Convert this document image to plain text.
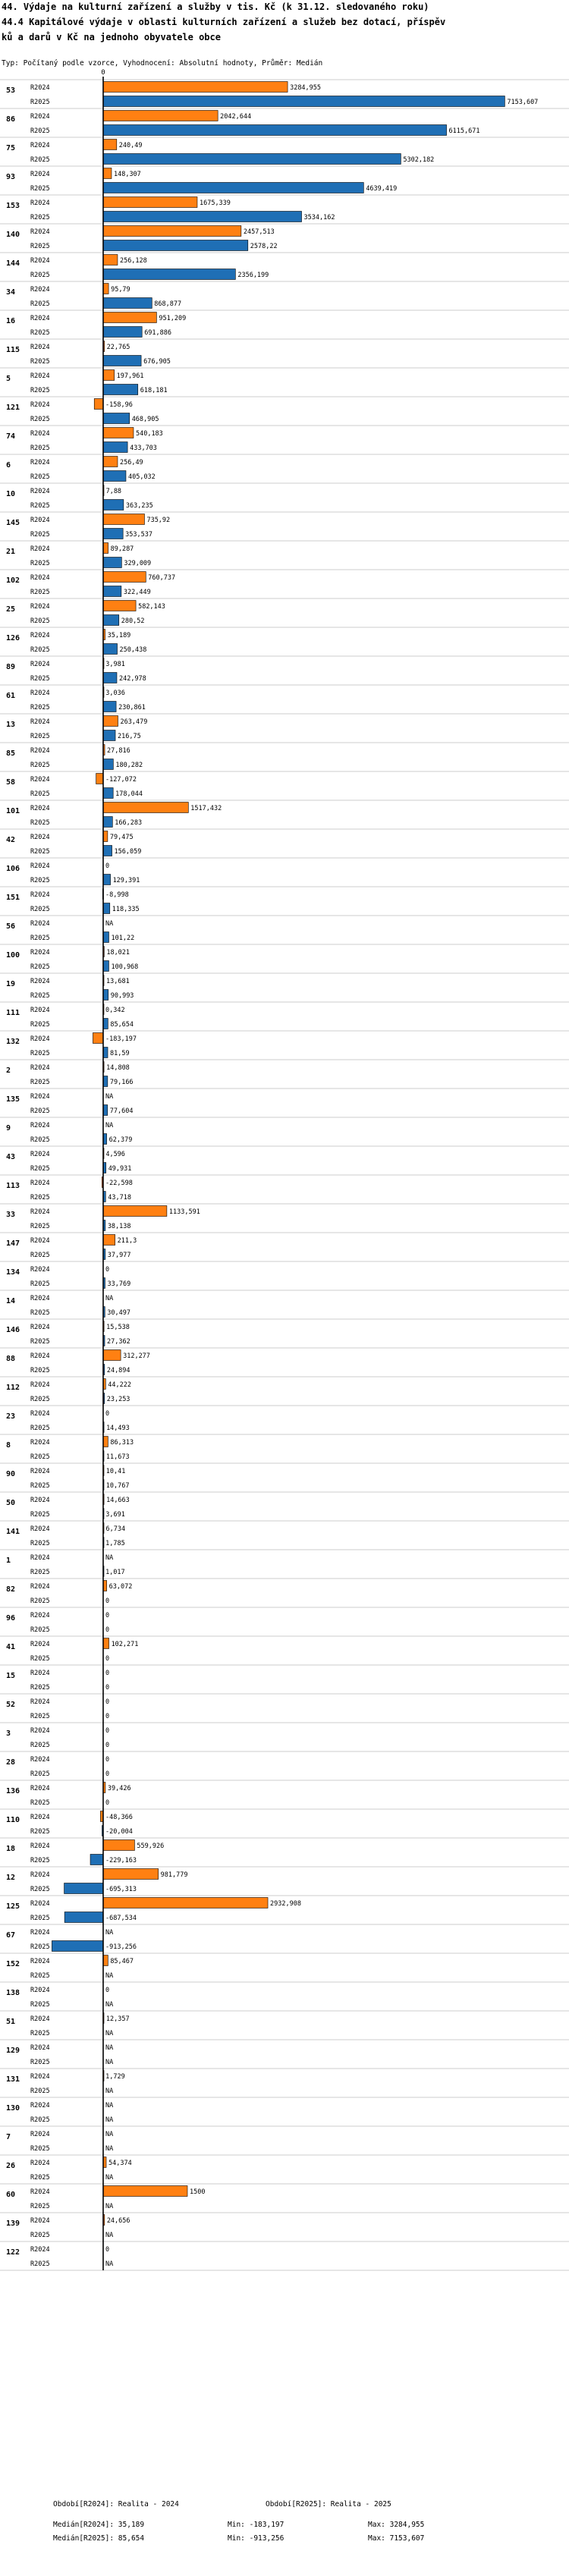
44. Výdaje na kulturní zařízení a služby v tis. Kč (k 31.12. sledovaného roku)
44.4 Kapitálové výdaje v oblasti kulturních zařízení a služeb bez dotací, příspěv
ků a darů v Kč na jednoho obyvatele obce
Typ: Počítaný podle vzorce, Vyhodnocení: Absolutní hodnoty, Průměr: Medián
0
53 R2024	3284,955
R2025	7153,607
86 R2024	2042,644
R2025	6115,671
75 R2024	240,49
R2025	5302,182
93 R2024	148,307
R2025	4639,419
153 R2024	1675,339
R2025	3534,162
140 R2024	2457,513
R2025	2578,22
144 R2024	256,128
R2025	2356,199
34 R2024	95,79
R2025	868,877
16 R2024	951,209
R2025	691,886
115 R2024	22,765
R2025	676,905
5	R2024	197,961
R2025	618,181
121 R2024	-158,96
R2025	468,905
74 R2024	540,183
R2025	433,703
6	R2024	256,49
R2025	405,032
10 R2024	7,88
R2025	363,235
145 R2024	735,92
R2025	353,537
21 R2024	89,287
R2025	329,009
102 R2024	760,737
R2025	322,449
25 R2024	582,143
R2025	280,52
126 R2024	35,189
R2025	250,438
89 R2024	3,981
R2025	242,978
61 R2024	3,036
R2025	230,861
13 R2024	263,479
R2025	216,75
85 R2024	27,816
R2025	180,282
58 R2024	-127,072
R2025	178,044
101 R2024	1517,432
R2025	166,283
42 R2024	79,475
R2025	156,059
106 R2024	0
R2025	129,391
151 R2024	-8,998
R2025	118,335
56 R2024	NA
R2025	101,22
100 R2024	18,021
R2025	100,968
19 R2024	13,681
R2025	90,993
111 R2024	0,342
R2025	85,654
132 R2024	-183,197
R2025	81,59
2	R2024	14,808
R2025	79,166
135 R2024	NA
R2025	77,604
9	R2024	NA
R2025	62,379
43 R2024	4,596
R2025	49,931
113 R2024	-22,598
R2025	43,718
33 R2024	1133,591
R2025	38,138
147 R2024	211,3
R2025	37,977
134 R2024	0
R2025	33,769
14 R2024	NA
R2025	30,497
146 R2024	15,538
R2025	27,362
88 R2024	312,277
R2025	24,894
112 R2024	44,222
R2025	23,253
23 R2024	0
R2025	14,493
8	R2024	86,313
R2025	11,673
90 R2024	10,41
R2025	10,767
50 R2024	14,663
R2025	3,691
141 R2024	6,734
R2025	1,785
1	R2024	NA
R2025	1,017
82 R2024	63,072
R2025	0
96 R2024	0
R2025	0
41 R2024	102,271
R2025	0
15 R2024	0
R2025	0
52 R2024	0
R2025	0
3	R2024	0
R2025	0
28 R2024	0
R2025	0
136 R2024	39,426
R2025	0
110 R2024	-48,366
R2025	-20,004
18 R2024	559,926
R2025	-229,163
12 R2024	981,779
R2025	-695,313
125 R2024	2932,908
R2025	-687,534
67 R2024	NA
R2025	-913,256
152 R2024	85,467
R2025	NA
138 R2024	0
R2025	NA
51 R2024	12,357
R2025	NA
129 R2024	NA
R2025	NA
131 R2024	1,729
R2025	NA
130 R2024	NA
R2025	NA
7	R2024	NA
R2025	NA
26 R2024	54,374
R2025	NA
60 R2024	1500
R2025	NA
139 R2024	24,656
R2025	NA
122 R2024	0
R2025	NA
Období[R2024]: Realita - 2024	Období[R2025]: Realita - 2025
Medián[R2024]: 35,189	Min: -183,197	Max: 3284,955
Medián[R2025]: 85,654	Min: -913,256	Max: 7153,607
